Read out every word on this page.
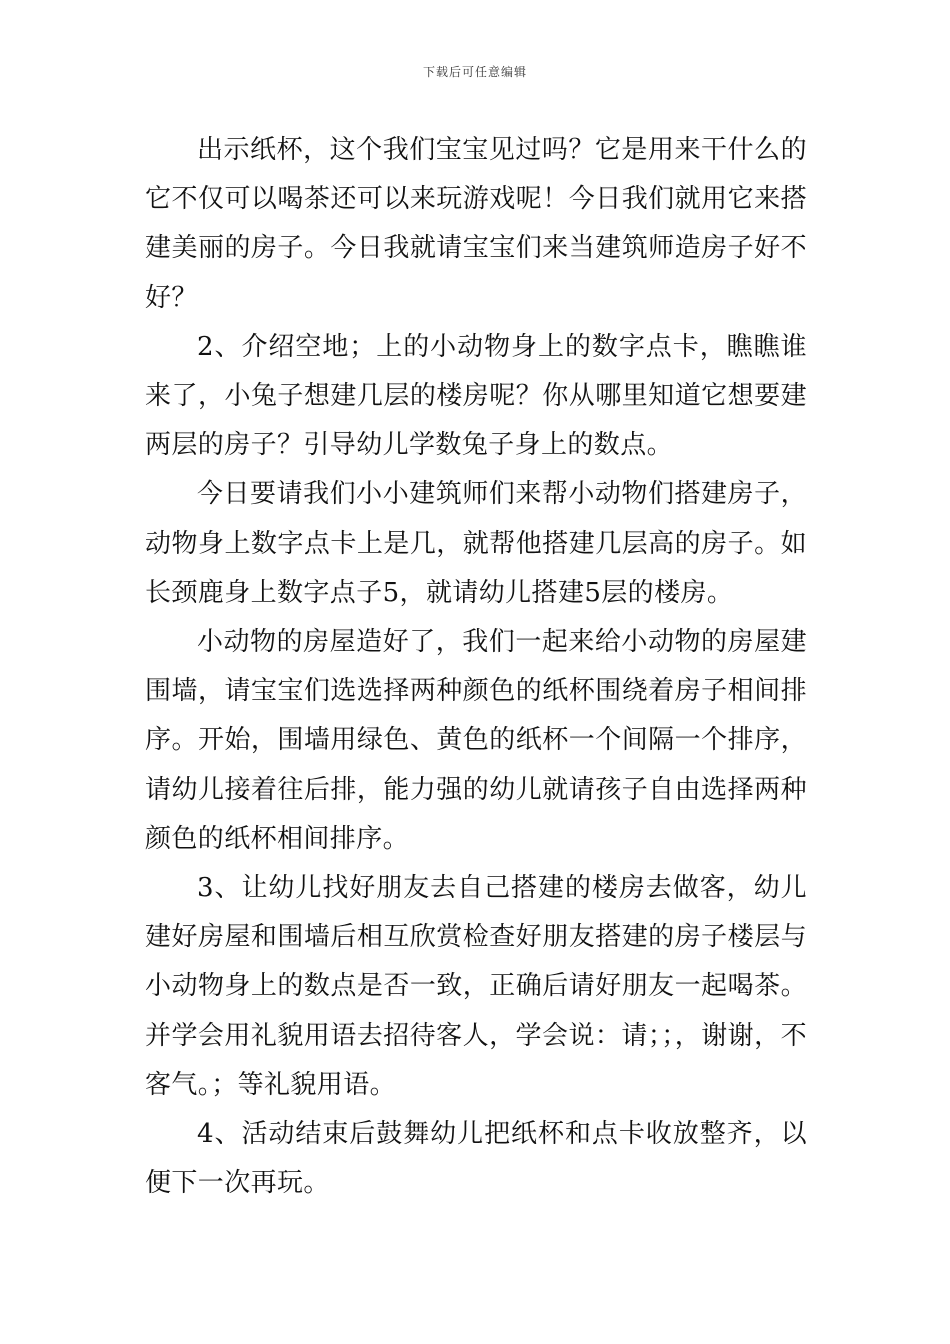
下载后可任意编辑

出示纸杯，这个我们宝宝见过吗？它是用来干什么的它不仅可以喝茶还可以来玩游戏呢！今日我们就用它来搭建美丽的房子。今日我就请宝宝们来当建筑师造房子好不好？

2、介绍空地；上的小动物身上的数字点卡，瞧瞧谁来了，小兔子想建几层的楼房呢？你从哪里知道它想要建两层的房子？引导幼儿学数兔子身上的数点。

今日要请我们小小建筑师们来帮小动物们搭建房子，动物身上数字点卡上是几，就帮他搭建几层高的房子。如长颈鹿身上数字点子5，就请幼儿搭建5层的楼房。

小动物的房屋造好了，我们一起来给小动物的房屋建围墙，请宝宝们选选择两种颜色的纸杯围绕着房子相间排序。开始，围墙用绿色、黄色的纸杯一个间隔一个排序，请幼儿接着往后排，能力强的幼儿就请孩子自由选择两种颜色的纸杯相间排序。

3、让幼儿找好朋友去自己搭建的楼房去做客，幼儿建好房屋和围墙后相互欣赏检查好朋友搭建的房子楼层与小动物身上的数点是否一致，正确后请好朋友一起喝茶。并学会用礼貌用语去招待客人，学会说：请；；，谢谢，不客气。；等礼貌用语。

4、活动结束后鼓舞幼儿把纸杯和点卡收放整齐，以便下一次再玩。
